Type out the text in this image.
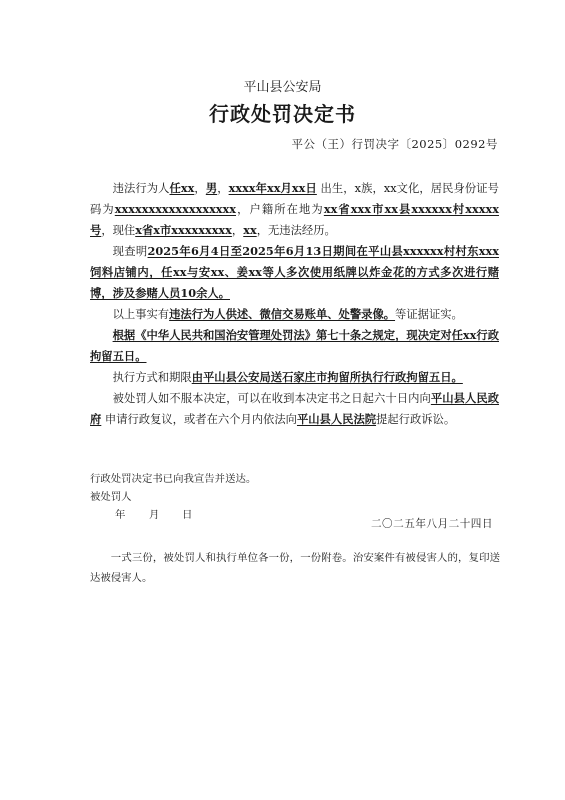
平山县公安局
行政处罚决定书
平公（王）行罚决字〔2025〕0292号

违法行为人任xx，男，xxxx年xx月xx日 出生，x族，xx文化，居民身份证号码为xxxxxxxxxxxxxxxxxx，户籍所在地为xx省xxx市xx县xxxxxx村xxxxx号，现住x省x市xxxxxxxxx，xx，无违法经历。

现查明2025年6月4日至2025年6月13日期间在平山县xxxxxx村村东xxx饲料店铺内，任xx与安xx、姜xx等人多次使用纸牌以炸金花的方式多次进行赌博，涉及参赌人员10余人。

以上事实有违法行为人供述、微信交易账单、处警录像。等证据证实。

根据《中华人民共和国治安管理处罚法》第七十条之规定，现决定对任xx行政拘留五日。

执行方式和期限由平山县公安局送石家庄市拘留所执行行政拘留五日。

被处罚人如不服本决定，可以在收到本决定书之日起六十日内向平山县人民政府 申请行政复议，或者在六个月内依法向平山县人民法院提起行政诉讼。

行政处罚决定书已向我宣告并送达。
被处罚人
年 月 日
二〇二五年八月二十四日
一式三份，被处罚人和执行单位各一份，一份附卷。治安案件有被侵害人的，复印送达被侵害人。
